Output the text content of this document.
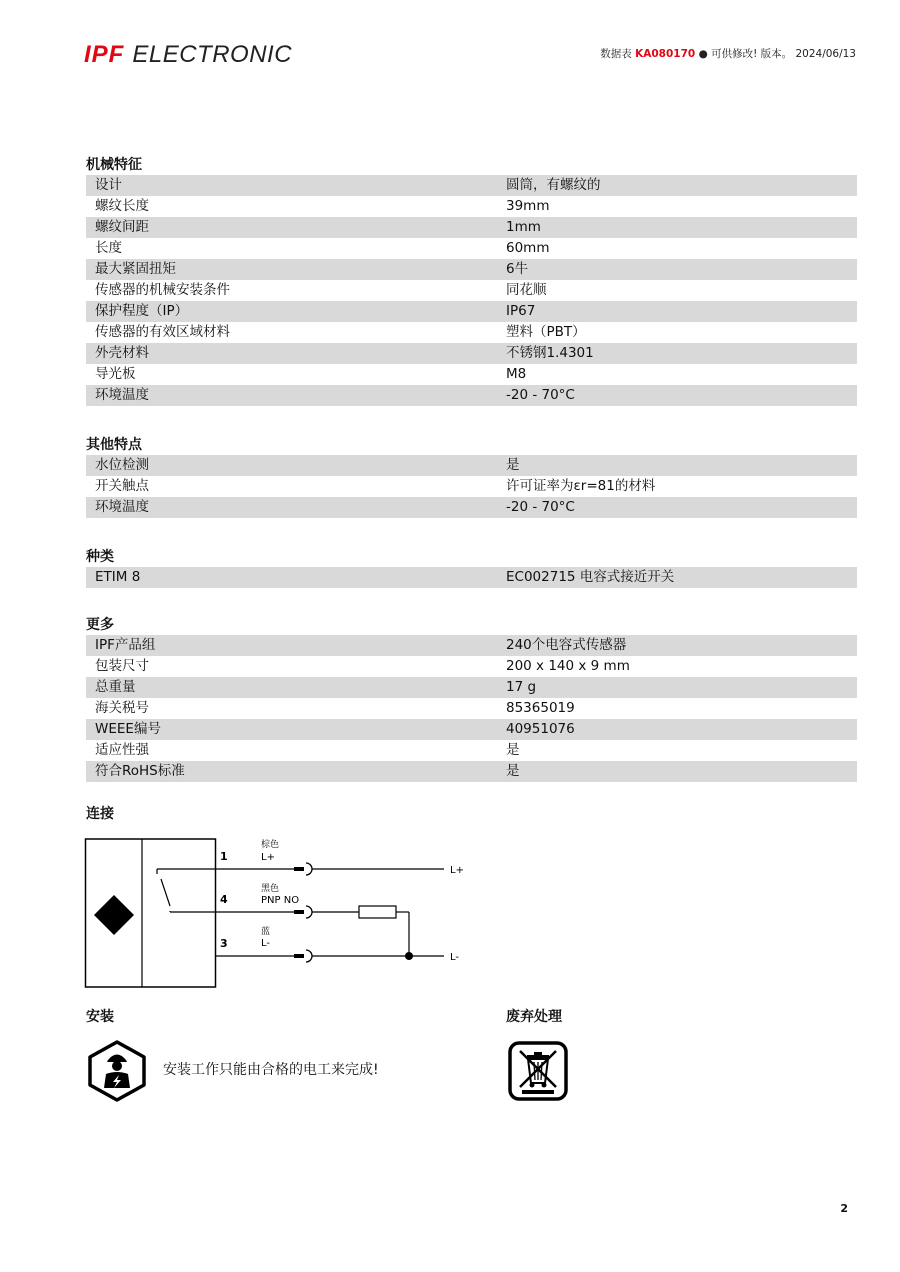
IPF ELECTRONIC	数据表 KA080170 ● 可供修改! 版本。 2024/06/13
机械特征
设计	圆筒，有螺纹的
螺纹长度	39mm
螺纹间距	1mm
长度	60mm
最大紧固扭矩	6牛
传感器的机械安装条件	同花顺
保护程度（IP）	IP67
传感器的有效区域材料	塑料（PBT）
外壳材料	不锈钢1.4301
导光板	M8
环境温度	-20 - 70°C
其他特点
水位检测	是
开关触点	许可证率为εr=81的材料
环境温度	-20 - 70°C
种类
ETIM 8	EC002715 电容式接近开关
更多
IPF产品组	240个电容式传感器
包装尺寸	200 x 140 x 9 mm
总重量	17 g
海关税号	85365019
WEEE编号	40951076
适应性强	是
符合RoHS标准	是
连接
1
棕色
L+
L+
4
黑色
PNP NO
3
蓝
L-
L-
安装	废弃处理
安装工作只能由合格的电工来完成!
2
